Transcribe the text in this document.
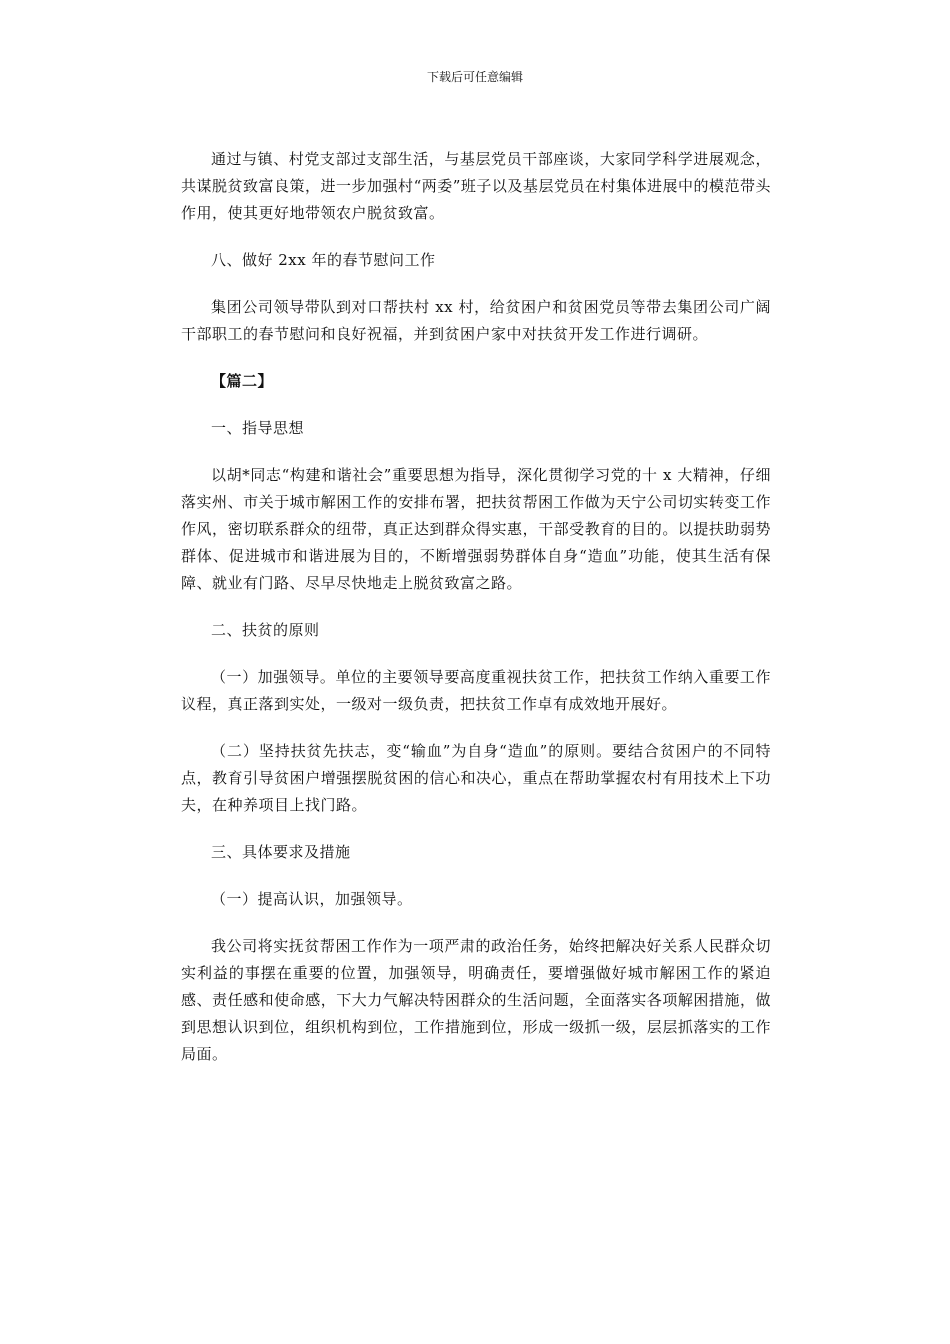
下载后可任意编辑

通过与镇、村党支部过支部生活，与基层党员干部座谈，大家同学科学进展观念，共谋脱贫致富良策，进一步加强村“两委”班子以及基层党员在村集体进展中的模范带头作用，使其更好地带领农户脱贫致富。

八、做好 2xx 年的春节慰问工作

集团公司领导带队到对口帮扶村 xx 村，给贫困户和贫困党员等带去集团公司广阔干部职工的春节慰问和良好祝福，并到贫困户家中对扶贫开发工作进行调研。

【篇二】

一、指导思想

以胡*同志“构建和谐社会”重要思想为指导，深化贯彻学习党的十 x 大精神，仔细落实州、市关于城市解困工作的安排布署，把扶贫帮困工作做为天宁公司切实转变工作作风，密切联系群众的纽带，真正达到群众得实惠，干部受教育的目的。以提扶助弱势群体、促进城市和谐进展为目的，不断增强弱势群体自身“造血”功能，使其生活有保障、就业有门路、尽早尽快地走上脱贫致富之路。

二、扶贫的原则

（一）加强领导。单位的主要领导要高度重视扶贫工作，把扶贫工作纳入重要工作议程，真正落到实处，一级对一级负责，把扶贫工作卓有成效地开展好。

（二）坚持扶贫先扶志，变“输血”为自身“造血”的原则。要结合贫困户的不同特点，教育引导贫困户增强摆脱贫困的信心和决心，重点在帮助掌握农村有用技术上下功夫，在种养项目上找门路。

三、具体要求及措施

（一）提高认识，加强领导。

我公司将实抚贫帮困工作作为一项严肃的政治任务，始终把解决好关系人民群众切实利益的事摆在重要的位置，加强领导，明确责任，要增强做好城市解困工作的紧迫感、责任感和使命感，下大力气解决特困群众的生活问题，全面落实各项解困措施，做到思想认识到位，组织机构到位，工作措施到位，形成一级抓一级，层层抓落实的工作局面。
